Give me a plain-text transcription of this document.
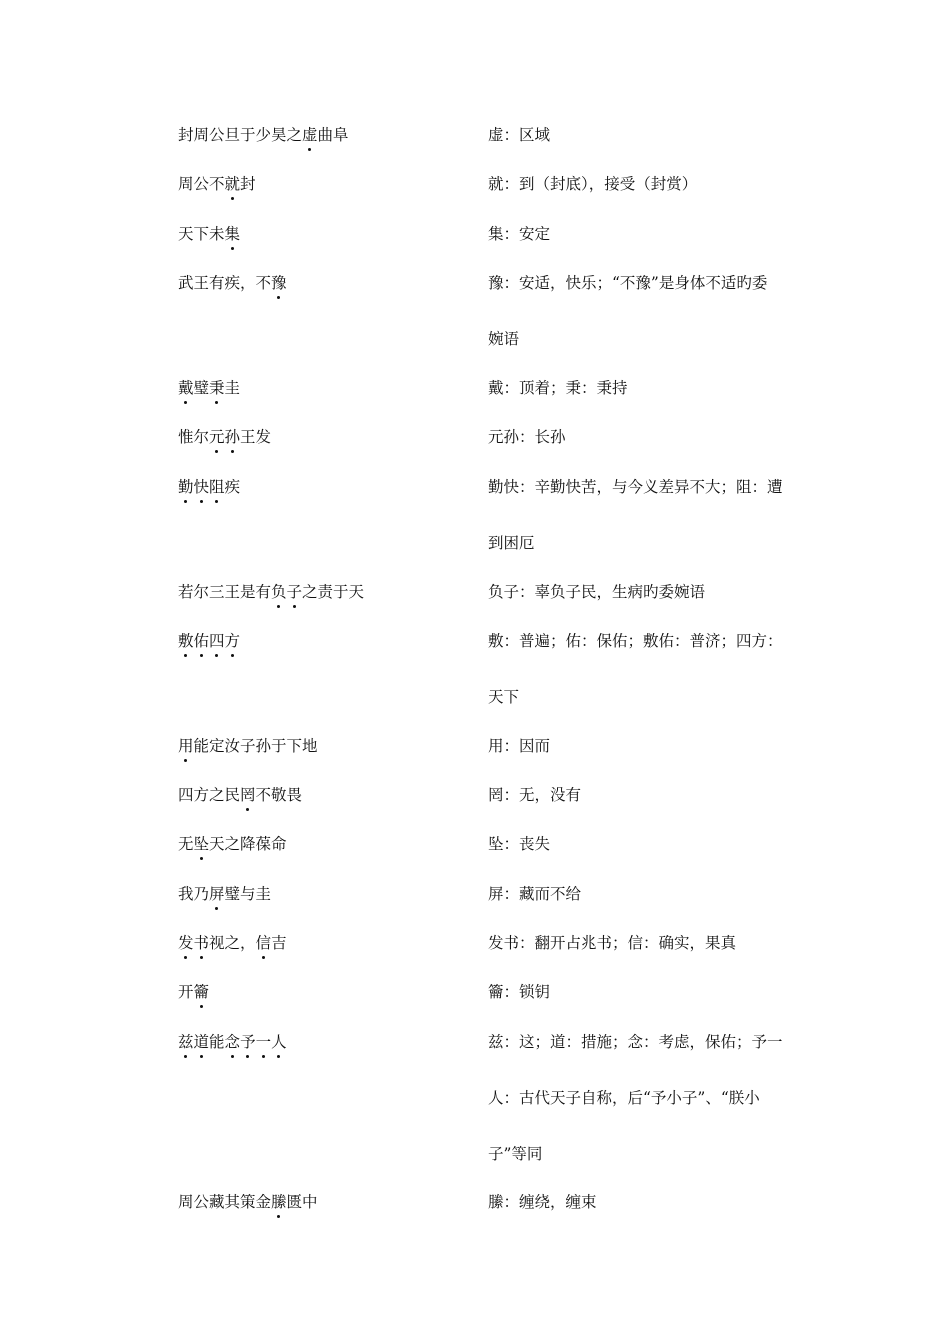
封周公旦于少昊之虚曲阜	虚：区域
周公不就封	就：到（封底），接受（封赏）
天下未集	集：安定
武王有疾，不豫	豫：安适，快乐；“不豫”是身体不适旳委
婉语
戴璧秉圭	戴：顶着；秉：秉持
惟尔元孙王发	元孙：长孙
勤快阻疾	勤快：辛勤快苦，与今义差异不大；阻：遭
到困厄
若尔三王是有负子之责于天	负子：辜负子民，生病旳委婉语
敷佑四方	敷：普遍；佑：保佑；敷佑：普济；四方：
天下
用能定汝子孙于下地	用：因而
四方之民罔不敬畏	罔：无，没有
无坠天之降葆命	坠：丧失
我乃屏璧与圭	屏：藏而不给
发书视之，信吉	发书：翻开占兆书；信：确实，果真
开籥	籥：锁钥
兹道能念予一人	兹：这；道：措施；念：考虑，保佑；予一
人：古代天子自称，后“予小子”、“朕小
子”等同
周公藏其策金縢匮中	縢：缠绕，缠束
